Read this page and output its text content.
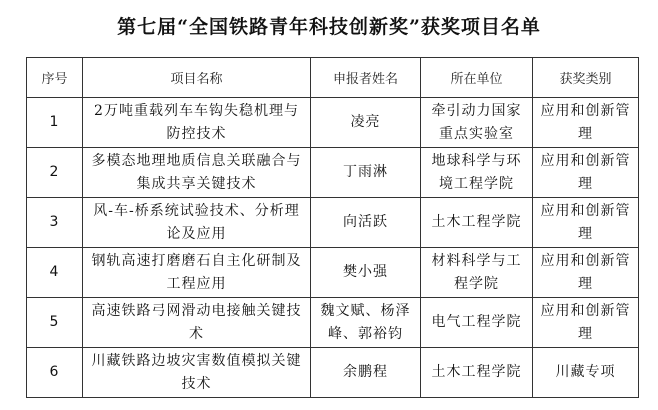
第七届“全国铁路青年科技创新奖”获奖项目名单
序号	项目名称	申报者姓名	所在单位	获奖类别
1	2万吨重载列车车钩失稳机理与防控技术	凌亮	牵引动力国家重点实验室	应用和创新管理
2	多模态地理地质信息关联融合与集成共享关键技术	丁雨淋	地球科学与环境工程学院	应用和创新管理
3	风-车-桥系统试验技术、分析理论及应用	向活跃	土木工程学院	应用和创新管理
4	钢轨高速打磨磨石自主化研制及工程应用	樊小强	材料科学与工程学院	应用和创新管理
5	高速铁路弓网滑动电接触关键技术	魏文赋、杨泽峰、郭裕钧	电气工程学院	应用和创新管理
6	川藏铁路边坡灾害数值模拟关键技术	余鹏程	土木工程学院	川藏专项
